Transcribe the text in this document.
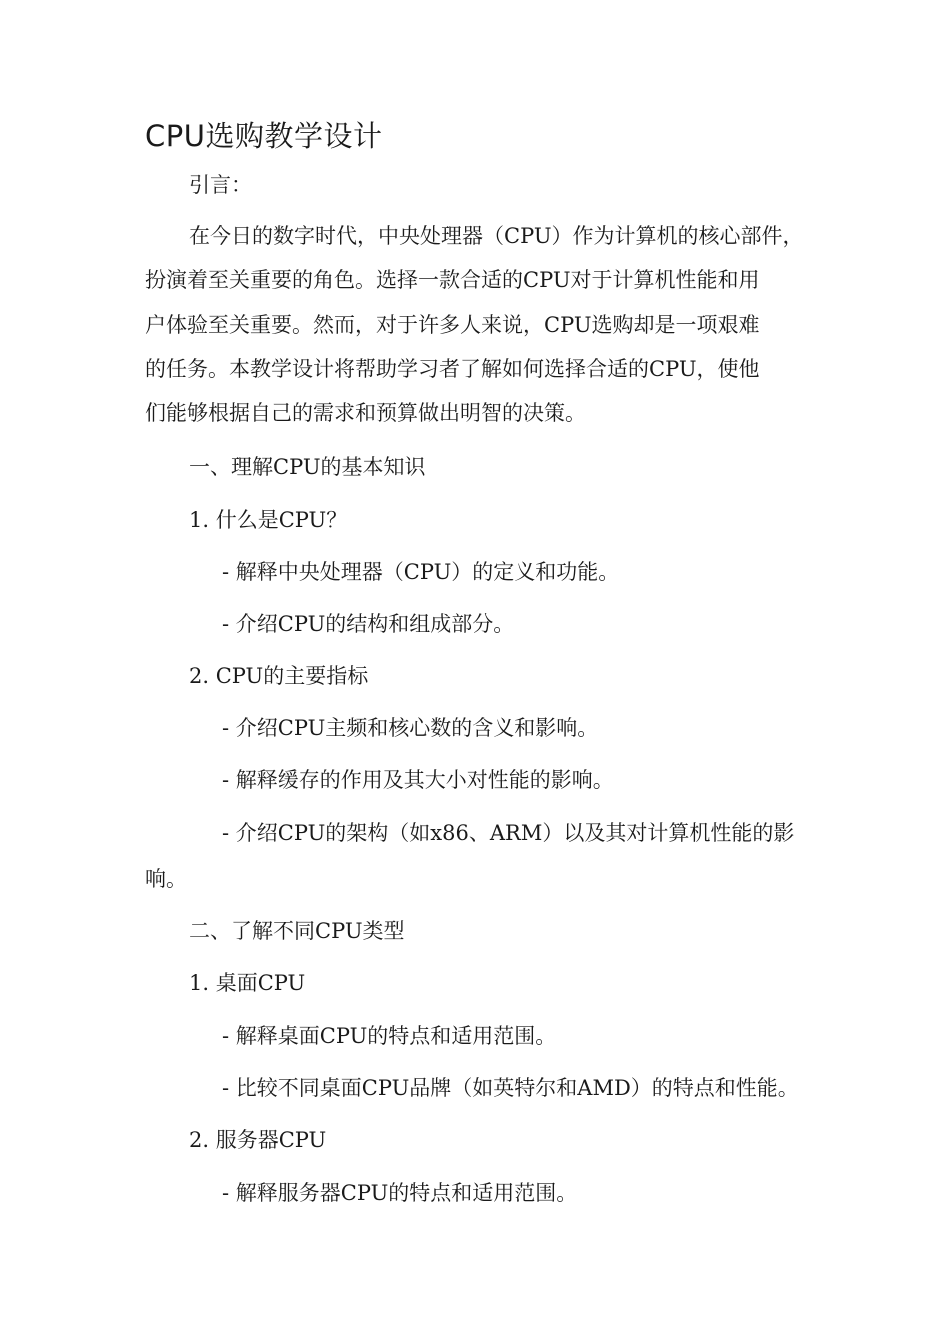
CPU选购教学设计

引言：

在今日的数字时代，中央处理器（CPU）作为计算机的核心部件，

扮演着至关重要的角色。选择一款合适的CPU对于计算机性能和用

户体验至关重要。然而，对于许多人来说，CPU选购却是一项艰难

的任务。本教学设计将帮助学习者了解如何选择合适的CPU，使他

们能够根据自己的需求和预算做出明智的决策。

一、理解CPU的基本知识

1. 什么是CPU？

- 解释中央处理器（CPU）的定义和功能。

- 介绍CPU的结构和组成部分。

2. CPU的主要指标

- 介绍CPU主频和核心数的含义和影响。

- 解释缓存的作用及其大小对性能的影响。

- 介绍CPU的架构（如x86、ARM）以及其对计算机性能的影

响。

二、了解不同CPU类型

1. 桌面CPU

- 解释桌面CPU的特点和适用范围。

- 比较不同桌面CPU品牌（如英特尔和AMD）的特点和性能。

2. 服务器CPU

- 解释服务器CPU的特点和适用范围。
